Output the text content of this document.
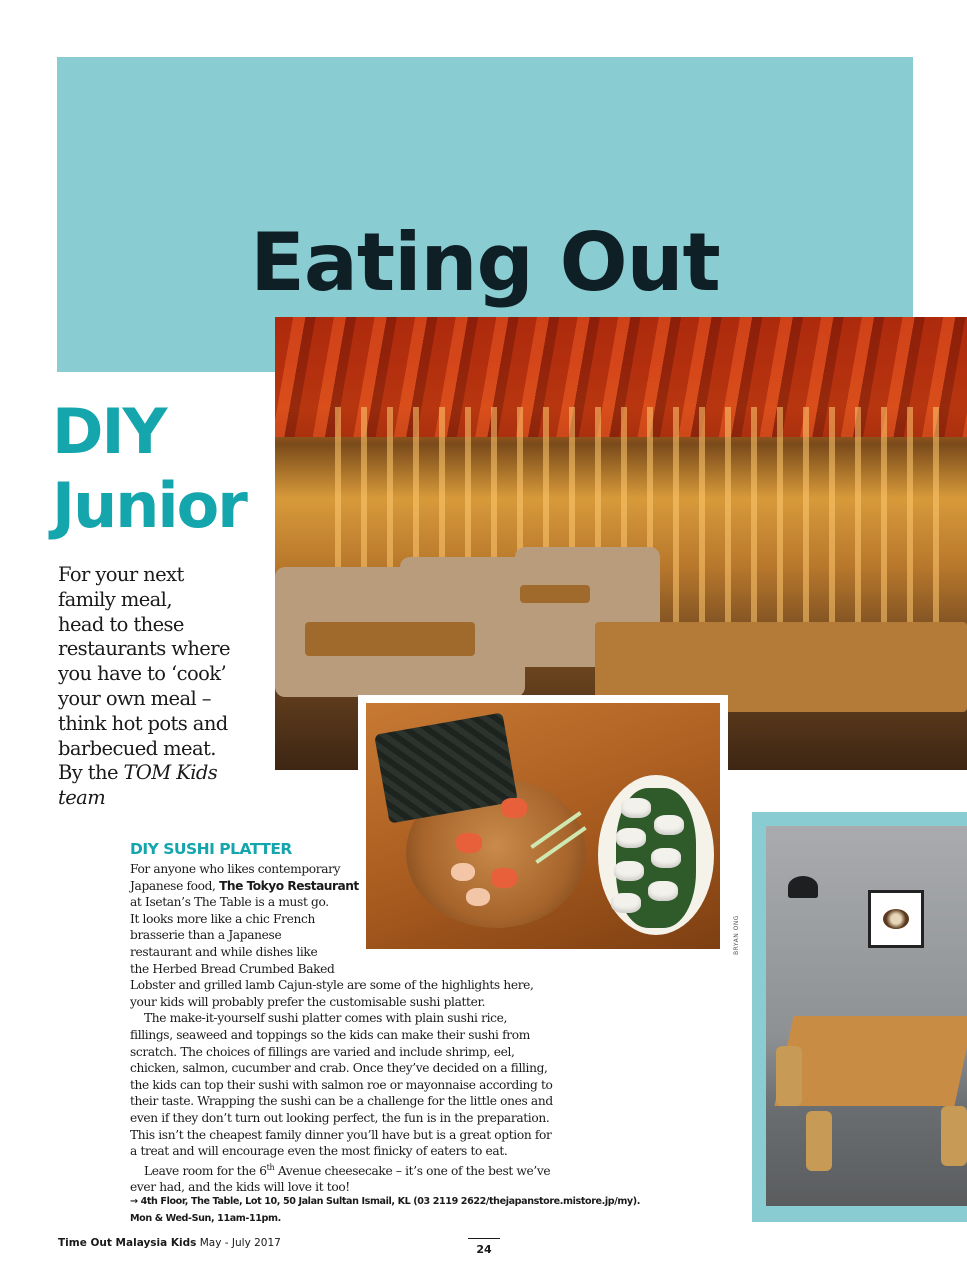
Eating Out
BRYAN ONG
DIY
Junior

For your next
family meal,
head to these
restaurants where
you have to ‘cook’
your own meal –
think hot pots and
barbecued meat.
By the TOM Kids
team

DIY SUSHI PLATTER
For anyone who likes contemporary
Japanese food, The Tokyo Restaurant
at Isetan’s The Table is a must go.
It looks more like a chic French
brasserie than a Japanese
restaurant and while dishes like
the Herbed Bread Crumbed Baked
Lobster and grilled lamb Cajun-style are some of the highlights here,
your kids will probably prefer the customisable sushi platter.
The make-it-yourself sushi platter comes with plain sushi rice,
fillings, seaweed and toppings so the kids can make their sushi from
scratch. The choices of fillings are varied and include shrimp, eel,
chicken, salmon, cucumber and crab. Once they’ve decided on a filling,
the kids can top their sushi with salmon roe or mayonnaise according to
their taste. Wrapping the sushi can be a challenge for the little ones and
even if they don’t turn out looking perfect, the fun is in the preparation.
This isn’t the cheapest family dinner you’ll have but is a great option for
a treat and will encourage even the most finicky of eaters to eat.
Leave room for the 6th Avenue cheesecake – it’s one of the best we’ve
ever had, and the kids will love it too!
→ 4th Floor, The Table, Lot 10, 50 Jalan Sultan Ismail, KL (03 2119 2622/thejapanstore.mistore.jp/my).
Mon & Wed-Sun, 11am-11pm.
Time Out Malaysia Kids May - July 2017	24
